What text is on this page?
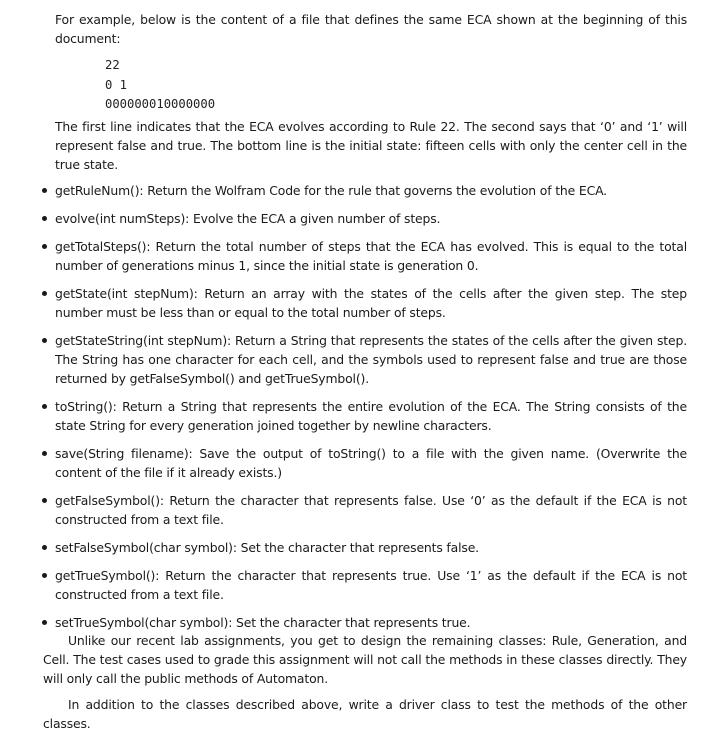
For example, below is the content of a file that defines the same ECA shown at the beginning of this document:

22
0 1
000000010000000

The first line indicates that the ECA evolves according to Rule 22. The second says that ‘0’ and ‘1’ will represent false and true. The bottom line is the initial state: fifteen cells with only the center cell in the true state.

getRuleNum(): Return the Wolfram Code for the rule that governs the evolution of the ECA.
evolve(int numSteps): Evolve the ECA a given number of steps.
getTotalSteps(): Return the total number of steps that the ECA has evolved. This is equal to the total number of generations minus 1, since the initial state is generation 0.
getState(int stepNum): Return an array with the states of the cells after the given step. The step number must be less than or equal to the total number of steps.
getStateString(int stepNum): Return a String that represents the states of the cells after the given step. The String has one character for each cell, and the symbols used to represent false and true are those returned by getFalseSymbol() and getTrueSymbol().
toString(): Return a String that represents the entire evolution of the ECA. The String consists of the state String for every generation joined together by newline characters.
save(String filename): Save the output of toString() to a file with the given name. (Overwrite the content of the file if it already exists.)
getFalseSymbol(): Return the character that represents false. Use ‘0’ as the default if the ECA is not constructed from a text file.
setFalseSymbol(char symbol): Set the character that represents false.
getTrueSymbol(): Return the character that represents true. Use ‘1’ as the default if the ECA is not constructed from a text file.
setTrueSymbol(char symbol): Set the character that represents true.

Unlike our recent lab assignments, you get to design the remaining classes: Rule, Generation, and Cell. The test cases used to grade this assignment will not call the methods in these classes directly. They will only call the public methods of Automaton.

In addition to the classes described above, write a driver class to test the methods of the other classes.
